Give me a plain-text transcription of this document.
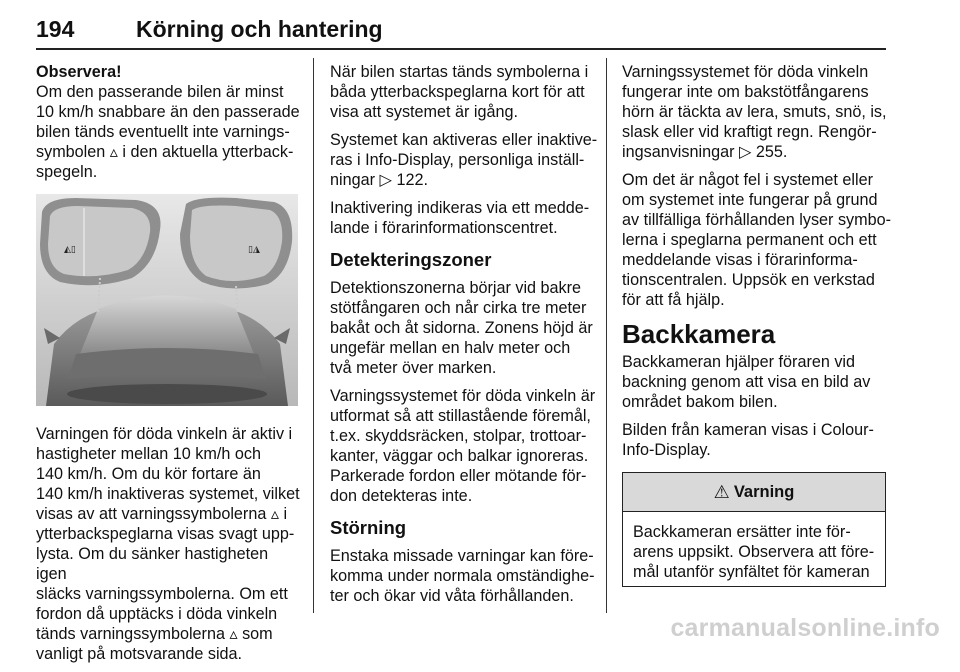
194	Körning och hantering

Observera!
Om den passerande bilen är minst
10 km/h snabbare än den passerade
bilen tänds eventuellt inte varnings-
symbolen ▵ i den aktuella ytterback-
spegeln.

◭▯	▯◮

Varningen för döda vinkeln är aktiv i
hastigheter mellan 10 km/h och
140 km/h. Om du kör fortare än
140 km/h inaktiveras systemet, vilket
visas av att varningssymbolerna ▵ i
ytterbackspeglarna visas svagt upp-
lysta. Om du sänker hastigheten igen
släcks varningssymbolerna. Om ett
fordon då upptäcks i döda vinkeln
tänds varningssymbolerna ▵ som
vanligt på motsvarande sida.

När bilen startas tänds symbolerna i
båda ytterbackspeglarna kort för att
visa att systemet är igång.

Systemet kan aktiveras eller inaktive-
ras i Info-Display, personliga inställ-
ningar ▷ 122.

Inaktivering indikeras via ett medde-
lande i förarinformationscentret.

Detekteringszoner

Detektionszonerna börjar vid bakre
stötfångaren och når cirka tre meter
bakåt och åt sidorna. Zonens höjd är
ungefär mellan en halv meter och
två meter över marken.

Varningssystemet för döda vinkeln är
utformat så att stillastående föremål,
t.ex. skyddsräcken, stolpar, trottoar-
kanter, väggar och balkar ignoreras.
Parkerade fordon eller mötande för-
don detekteras inte.

Störning

Enstaka missade varningar kan före-
komma under normala omständighe-
ter och ökar vid våta förhållanden.

Varningssystemet för döda vinkeln
fungerar inte om bakstötfångarens
hörn är täckta av lera, smuts, snö, is,
slask eller vid kraftigt regn. Rengör-
ingsanvisningar ▷ 255.

Om det är något fel i systemet eller
om systemet inte fungerar på grund
av tillfälliga förhållanden lyser symbo-
lerna i speglarna permanent och ett
meddelande visas i förarinforma-
tionscentralen. Uppsök en verkstad
för att få hjälp.

Backkamera

Backkameran hjälper föraren vid
backning genom att visa en bild av
området bakom bilen.

Bilden från kameran visas i Colour-
Info-Display.

⚠ Varning
Backkameran ersätter inte för-
arens uppsikt. Observera att före-
mål utanför synfältet för kameran
carmanualsonline.info
